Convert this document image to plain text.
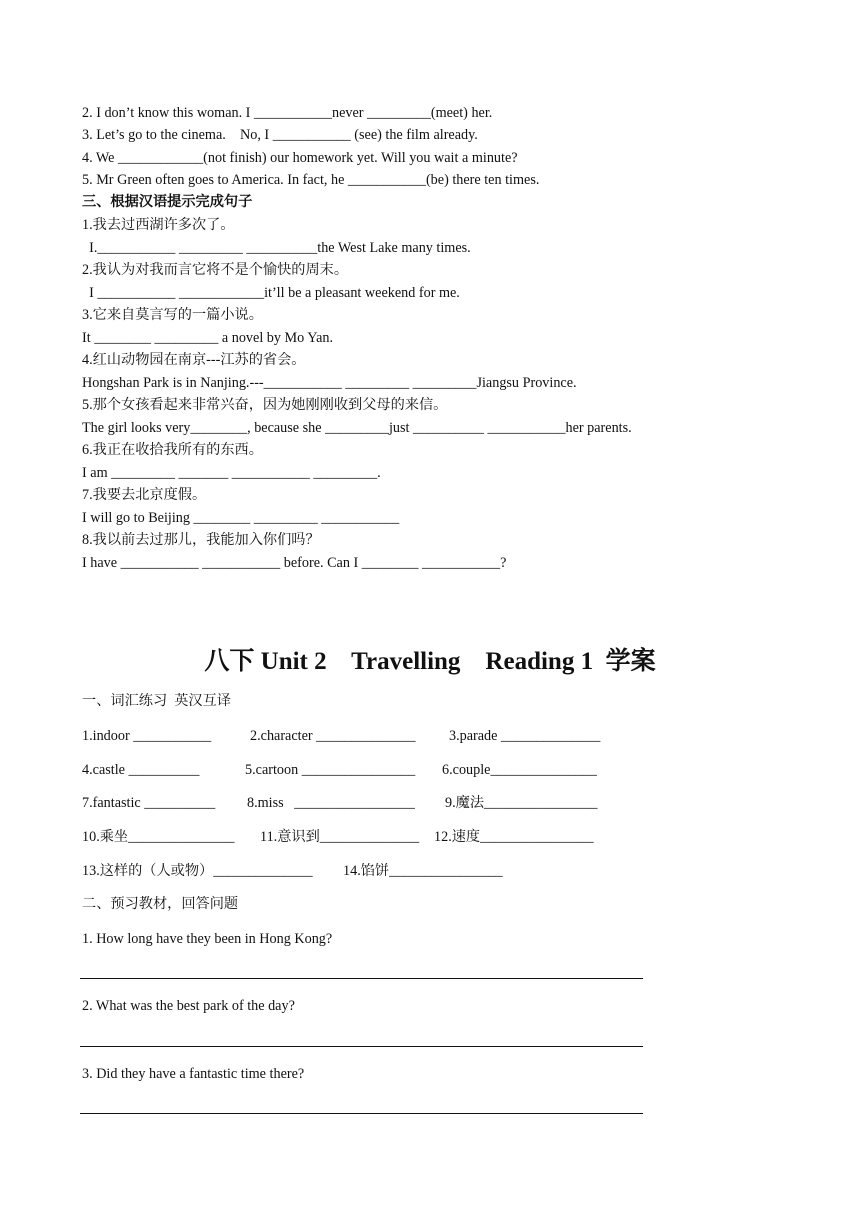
2. I don’t know this woman. I ___________never _________(meet) her.
3. Let’s go to the cinema.    No, I ___________ (see) the film already.
4. We ____________(not finish) our homework yet. Will you wait a minute?
5. Mr Green often goes to America. In fact, he ___________(be) there ten times.
三、根据汉语提示完成句子
1.我去过西湖许多次了。
I.___________ _________ __________the West Lake many times.
2.我认为对我而言它将不是个愉快的周末。
I ___________ ____________it’ll be a pleasant weekend for me.
3.它来自莫言写的一篇小说。
It ________ _________ a novel by Mo Yan.
4.红山动物园在南京---江苏的省会。
Hongshan Park is in Nanjing.---___________ _________ _________Jiangsu Province.
5.那个女孩看起来非常兴奋，因为她刚刚收到父母的来信。
The girl looks very________, because she _________just __________ ___________her parents.
6.我正在收拾我所有的东西。
I am _________ _______ ___________ _________.
7.我要去北京度假。
I will go to Beijing ________ _________ ___________
8.我以前去过那儿，我能加入你们吗？
I have ___________ ___________ before. Can I ________ ___________?
八下 Unit 2    Travelling    Reading 1  学案
一、词汇练习  英汉互译
1.indoor ___________	2.character ______________ 3.parade ______________
4.castle __________	5.cartoon ________________ 6.couple_______________
7.fantastic __________ 8.miss   _________________ 9.魔法________________
10.乘坐_______________ 11.意识到______________ 12.速度________________
13.这样的（人或物）______________ 14.馅饼________________
二、预习教材，回答问题
1. How long have they been in Hong Kong?
2. What was the best park of the day?
3. Did they have a fantastic time there?
